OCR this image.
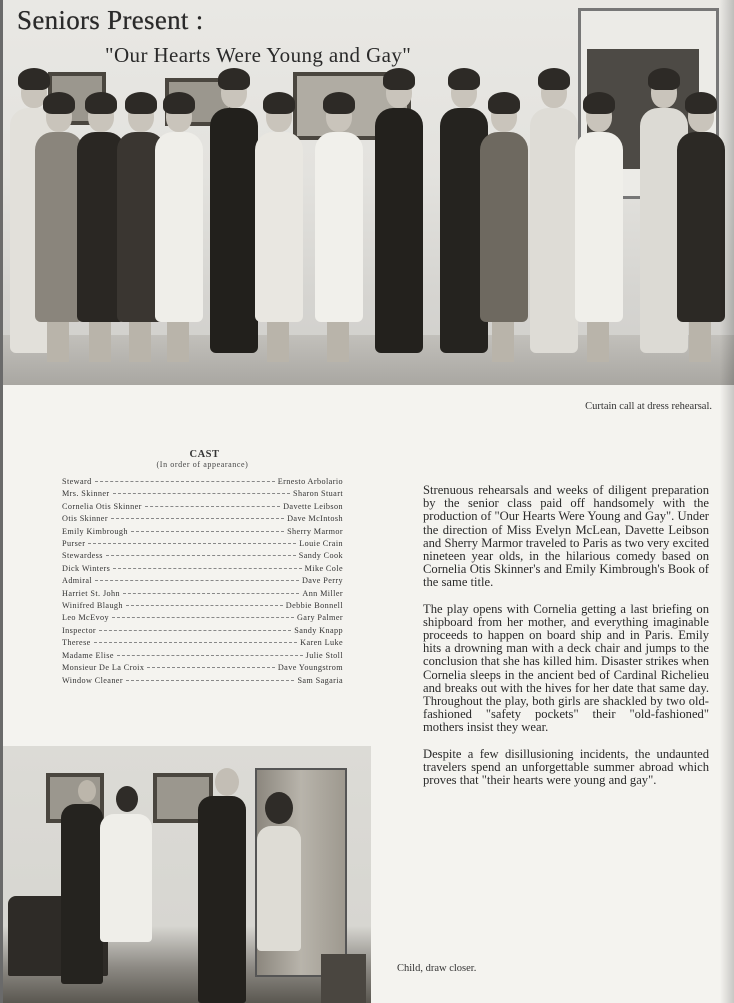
Seniors Present :
"Our Hearts Were Young and Gay"
Curtain call at dress rehearsal.
CAST
(In order of appearance)
Steward	Ernesto Arbolario
Mrs. Skinner	Sharon Stuart
Cornelia Otis Skinner	Davette Leibson
Otis Skinner	Dave McIntosh
Emily Kimbrough	Sherry Marmor
Purser	Louie Crain
Stewardess	Sandy Cook
Dick Winters	Mike Cole
Admiral	Dave Perry
Harriet St. John	Ann Miller
Winifred Blaugh	Debbie Bonnell
Leo McEvoy	Gary Palmer
Inspector	Sandy Knapp
Therese	Karen Luke
Madame Elise	Julie Stoll
Monsieur De La Croix	Dave Youngstrom
Window Cleaner	Sam Sagaria

Strenuous rehearsals and weeks of diligent preparation by the senior class paid off handsomely with the production of "Our Hearts Were Young and Gay". Under the direction of Miss Evelyn McLean, Davette Leibson and Sherry Marmor traveled to Paris as two very excited nineteen year olds, in the hilarious comedy based on Cornelia Otis Skinner's and Emily Kimbrough's Book of the same title.

The play opens with Cornelia getting a last briefing on shipboard from her mother, and everything imaginable proceeds to happen on board ship and in Paris. Emily hits a drowning man with a deck chair and jumps to the conclusion that she has killed him. Disaster strikes when Cornelia sleeps in the ancient bed of Cardinal Richelieu and breaks out with the hives for her date that same day. Throughout the play, both girls are shackled by two old-fashioned "safety pockets" their "old-fashioned" mothers insist they wear.

Despite a few disillusioning incidents, the undaunted travelers spend an unforgettable summer abroad which proves that "their hearts were young and gay".

Child, draw closer.
